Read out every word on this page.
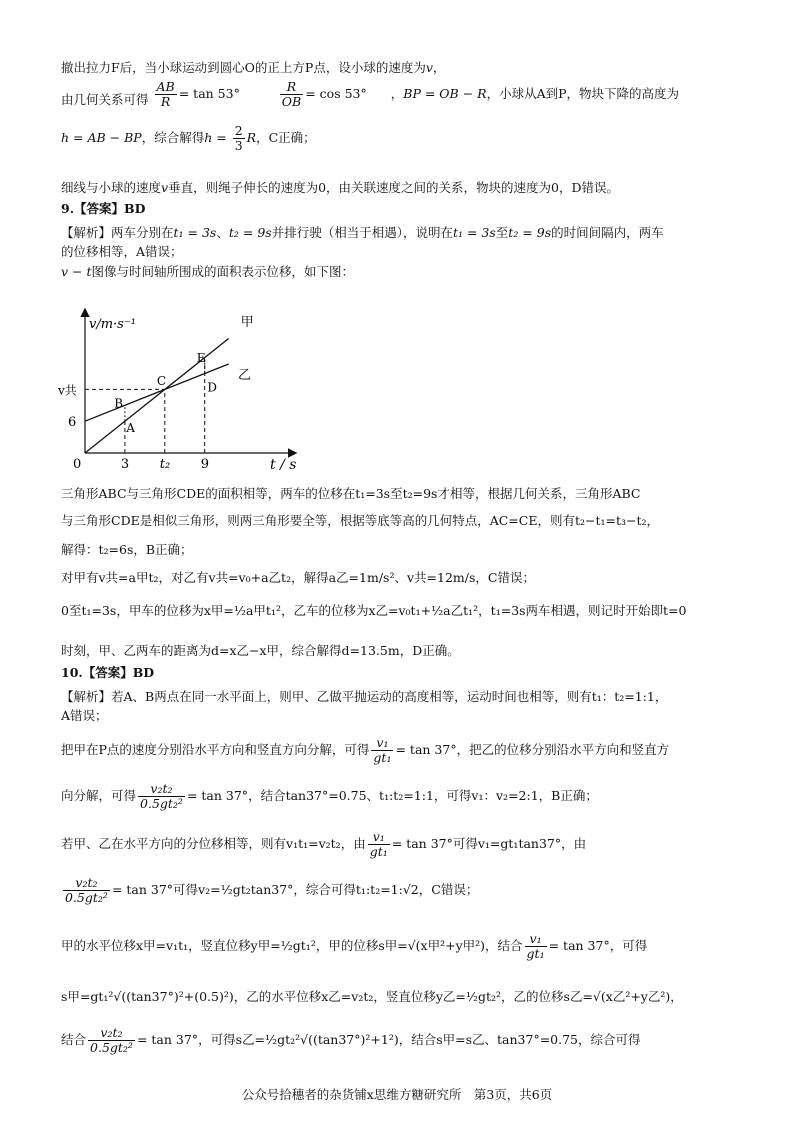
撤出拉力F后，当小球运动到圆心O的正上方P点，设小球的速度为v，
由几何关系可得 $\frac{AB}{R} = \tan 53^\circ$	$\frac{R}{OB} = \cos 53^\circ$ ，BP = OB − R，小球从A到P，物块下降的高度为
h = AB − BP，综合解得$h = \frac{2}{3}$ R，C正确；
细线与小球的速度v垂直，则绳子伸长的速度为0，由关联速度之间的关系，物块的速度为0，D错误。
9.【答案】BD
【解析】两车分别在t₁ = 3s、t₂ = 9s并排行驶（相当于相遇），说明在t₁ = 3s至t₂ = 9s的时间间隔内，两车
的位移相等，A错误；
v − t图像与时间轴所围成的面积表示位移，如下图：
甲
乙
A
B
C	D
E
0	3 t₂ 9
6
v共
v/m·s⁻¹
t / s
三角形ABC与三角形CDE的面积相等，两车的位移在t₁=3s至t₂=9s才相等，根据几何关系，三角形ABC
与三角形CDE是相似三角形，则两三角形要全等，根据等底等高的几何特点，AC=CE，则有t₂−t₁=t₃−t₂，
解得：t₂=6s，B正确；
对甲有v共=a甲t₂，对乙有v共=v₀+a乙t₂，解得a乙=1m/s²、v共=12m/s，C错误；
0至t₁=3s，甲车的位移为x甲=½a甲t₁²，乙车的位移为x乙=v₀t₁+½a乙t₁²，t₁=3s两车相遇，则记时开始即t=0
时刻，甲、乙两车的距离为d=x乙−x甲，综合解得d=13.5m，D正确。
10.【答案】BD
【解析】若A、B两点在同一水平面上，则甲、乙做平抛运动的高度相等，运动时间也相等，则有t₁：t₂=1:1，
A错误；
把甲在P点的速度分别沿水平方向和竖直方向分解，可得 $\frac{\text{v₁}}{\text{gt₁}} = \tan 37^\circ$，把乙的位移分别沿水平方向和竖直方
向分解，可得 $\frac{\text{v₂t₂}}{\text{0.5gt₂²}} = \tan 37^\circ$，结合tan37°=0.75、t₁:t₂=1:1，可得v₁：v₂=2:1，B正确；
若甲、乙在水平方向的分位移相等，则有v₁t₁=v₂t₂，由 $\frac{\text{v₁}}{\text{gt₁}} = \tan 37^\circ$可得v₁=gt₁tan37°，由
$\frac{\text{v₂t₂}}{\text{0.5gt₂²}} = \tan 37^\circ$可得v₂=½gt₂tan37°，综合可得t₁:t₂=1:√2，C错误；
甲的水平位移x甲=v₁t₁，竖直位移y甲=½gt₁²，甲的位移s甲=√(x甲²+y甲²)，结合 $\frac{\text{v₁}}{\text{gt₁}} = \tan 37^\circ$，可得
s甲=gt₁²√((tan37°)²+(0.5)²)，乙的水平位移x乙=v₂t₂，竖直位移y乙=½gt₂²，乙的位移s乙=√(x乙²+y乙²)，
结合 $\frac{\text{v₂t₂}}{\text{0.5gt₂²}} = \tan 37^\circ$，可得s乙=½gt₂²√((tan37°)²+1²)，结合s甲=s乙、tan37°=0.75，综合可得
公众号拾穗者的杂货铺x思维方糖研究所　第3页，共6页
